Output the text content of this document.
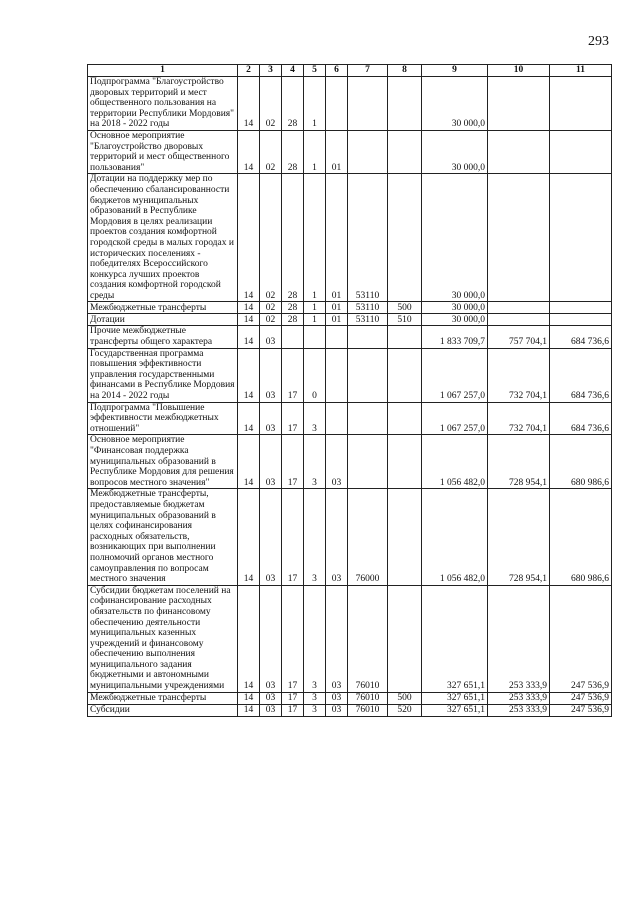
293
1	2	3	4	5	6	7	8	9	10	11
Подпрограмма "Благоустройство дворовых территорий и мест общественного пользования на территории Республики Мордовия" на 2018 - 2022 годы	14	02	28	1				30 000,0		
Основное мероприятие "Благоустройство дворовых территорий и мест общественного пользования"	14	02	28	1	01			30 000,0		
Дотации на поддержку мер по обеспечению сбалансированности бюджетов муниципальных образований в Республике Мордовия в целях реализации проектов создания комфортной городской среды в малых городах и исторических поселениях - победителях Всероссийского конкурса лучших проектов создания комфортной городской среды	14	02	28	1	01	53110		30 000,0		
Межбюджетные трансферты	14	02	28	1	01	53110	500	30 000,0		
Дотации	14	02	28	1	01	53110	510	30 000,0		
Прочие межбюджетные трансферты общего характера	14	03						1 833 709,7	757 704,1	684 736,6
Государственная программа повышения эффективности управления государственными финансами в Республике Мордовия на 2014 - 2022 годы	14	03	17	0				1 067 257,0	732 704,1	684 736,6
Подпрограмма "Повышение эффективности межбюджетных отношений"	14	03	17	3				1 067 257,0	732 704,1	684 736,6
Основное мероприятие "Финансовая поддержка муниципальных образований в Республике Мордовия для решения вопросов местного значения"	14	03	17	3	03			1 056 482,0	728 954,1	680 986,6
Межбюджетные трансферты, предоставляемые бюджетам муниципальных образований в целях софинансирования расходных обязательств, возникающих при выполнении полномочий органов местного самоуправления по вопросам местного значения	14	03	17	3	03	76000		1 056 482,0	728 954,1	680 986,6
Субсидии бюджетам поселений на софинансирование расходных обязательств по финансовому обеспечению деятельности муниципальных казенных учреждений и финансовому обеспечению выполнения муниципального задания бюджетными и автономными муниципальными учреждениями	14	03	17	3	03	76010		327 651,1	253 333,9	247 536,9
Межбюджетные трансферты	14	03	17	3	03	76010	500	327 651,1	253 333,9	247 536,9
Субсидии	14	03	17	3	03	76010	520	327 651,1	253 333,9	247 536,9
